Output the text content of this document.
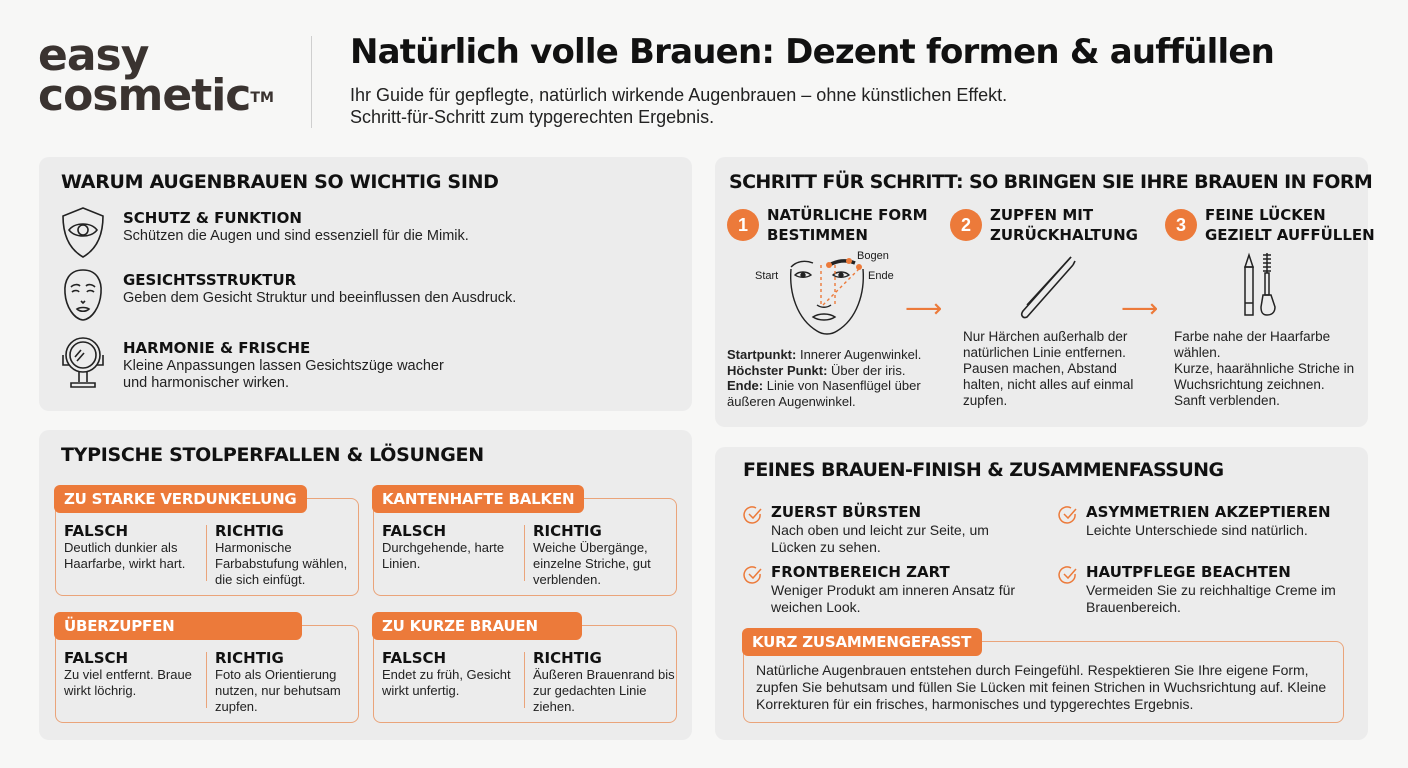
easy
cosmetic™
Natürlich volle Brauen: Dezent formen & auffüllen
Ihr Guide für gepflegte, natürlich wirkende Augenbrauen – ohne künstlichen Effekt.
Schritt-für-Schritt zum typgerechten Ergebnis.
WARUM AUGENBRAUEN SO WICHTIG SIND
SCHUTZ & FUNKTION
Schützen die Augen und sind essenziell für die Mimik.
GESICHTSSTRUKTUR
Geben dem Gesicht Struktur und beeinflussen den Ausdruck.
HARMONIE & FRISCHE
Kleine Anpassungen lassen Gesichtszüge wacher und harmonischer wirken.
SCHRITT FÜR SCHRITT: SO BRINGEN SIE IHRE BRAUEN IN FORM
1	NATÜRLICHE FORM BESTIMMEN
Start
Bogen
Ende
Startpunkt: Innerer Augenwinkel.
Höchster Punkt: Über der iris.
Ende: Linie von Nasenflügel über äußeren Augenwinkel.
⟶
2	ZUPFEN MIT ZURÜCKHALTUNG
Nur Härchen außerhalb der natürlichen Linie entfernen. Pausen machen, Abstand halten, nicht alles auf einmal zupfen.
⟶
3	FEINE LÜCKEN GEZIELT AUFFÜLLEN
Farbe nahe der Haarfarbe wählen.
Kurze, haarähnliche Striche in Wuchsrichtung zeichnen.
Sanft verblenden.
TYPISCHE STOLPERFALLEN & LÖSUNGEN
ZU STARKE VERDUNKELUNG
FALSCH
Deutlich dunkier als Haarfarbe, wirkt hart.
RICHTIG
Harmonische Farbabstufung wählen, die sich einfügt.
KANTENHAFTE BALKEN
FALSCH
Durchgehende, harte Linien.
RICHTIG
Weiche Übergänge, einzelne Striche, gut verblenden.
ÜBERZUPFEN
FALSCH
Zu viel entfernt. Braue wirkt löchrig.
RICHTIG
Foto als Orientierung nutzen, nur behutsam zupfen.
ZU KURZE BRAUEN
FALSCH
Endet zu früh, Gesicht wirkt unfertig.
RICHTIG
Äußeren Brauenrand bis zur gedachten Linie ziehen.
FEINES BRAUEN-FINISH & ZUSAMMENFASSUNG
ZUERST BÜRSTEN
Nach oben und leicht zur Seite, um Lücken zu sehen.
ASYMMETRIEN AKZEPTIEREN
Leichte Unterschiede sind natürlich.
FRONTBEREICH ZART
Weniger Produkt am inneren Ansatz für weichen Look.
HAUTPFLEGE BEACHTEN
Vermeiden Sie zu reichhaltige Creme im Brauenbereich.
KURZ ZUSAMMENGEFASST
Natürliche Augenbrauen entstehen durch Feingefühl. Respektieren Sie Ihre eigene Form, zupfen Sie behutsam und füllen Sie Lücken mit feinen Strichen in Wuchsrichtung auf. Kleine Korrekturen für ein frisches, harmonisches und typgerechtes Ergebnis.
